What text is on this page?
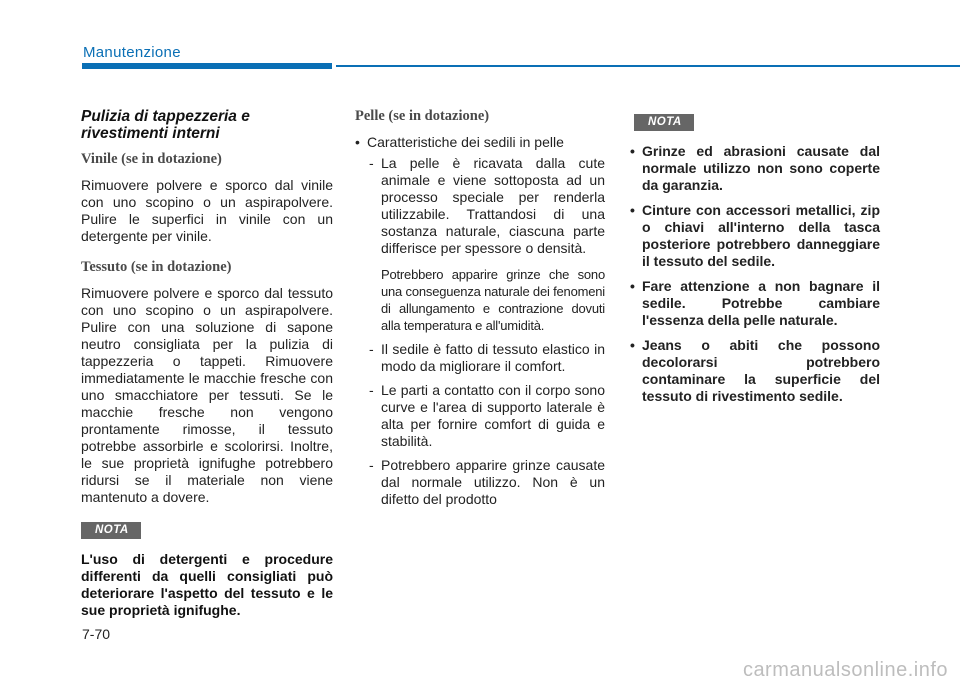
Manutenzione
Pulizia di tappezzeria e rivestimenti interni
Vinile (se in dotazione)

Rimuovere polvere e sporco dal vinile con uno scopino o un aspirapolvere. Pulire le superfici in vinile con un detergente per vinile.

Tessuto (se in dotazione)

Rimuovere polvere e sporco dal tessuto con uno scopino o un aspirapolvere. Pulire con una soluzione di sapone neutro consigliata per la pulizia di tappezzeria o tappeti. Rimuovere immediatamente le macchie fresche con uno smacchiatore per tessuti. Se le macchie fresche non vengono prontamente rimosse, il tessuto potrebbe assorbirle e scolorirsi. Inoltre, le sue proprietà ignifughe potrebbero ridursi se il materiale non viene mantenuto a dovere.

NOTA

L'uso di detergenti e procedure differenti da quelli consigliati può deteriorare l'aspetto del tessuto e le sue proprietà ignifughe.

Pelle (se in dotazione)
• Caratteristiche dei sedili in pelle
- La pelle è ricavata dalla cute animale e viene sottoposta ad un processo speciale per renderla utilizzabile. Trattandosi di una sostanza naturale, ciascuna parte differisce per spessore o densità.
Potrebbero apparire grinze che sono una conseguenza naturale dei fenomeni di allungamento e contrazione dovuti alla temperatura e all'umidità.
- Il sedile è fatto di tessuto elastico in modo da migliorare il comfort.
- Le parti a contatto con il corpo sono curve e l'area di supporto laterale è alta per fornire comfort di guida e stabilità.
- Potrebbero apparire grinze causate dal normale utilizzo. Non è un difetto del prodotto
NOTA
• Grinze ed abrasioni causate dal normale utilizzo non sono coperte da garanzia.
• Cinture con accessori metallici, zip o chiavi all'interno della tasca posteriore potrebbero danneggiare il tessuto del sedile.
• Fare attenzione a non bagnare il sedile. Potrebbe cambiare l'essenza della pelle naturale.
• Jeans o abiti che possono decolorarsi potrebbero contaminare la superficie del tessuto di rivestimento sedile.
7-70
carmanualsonline.info
